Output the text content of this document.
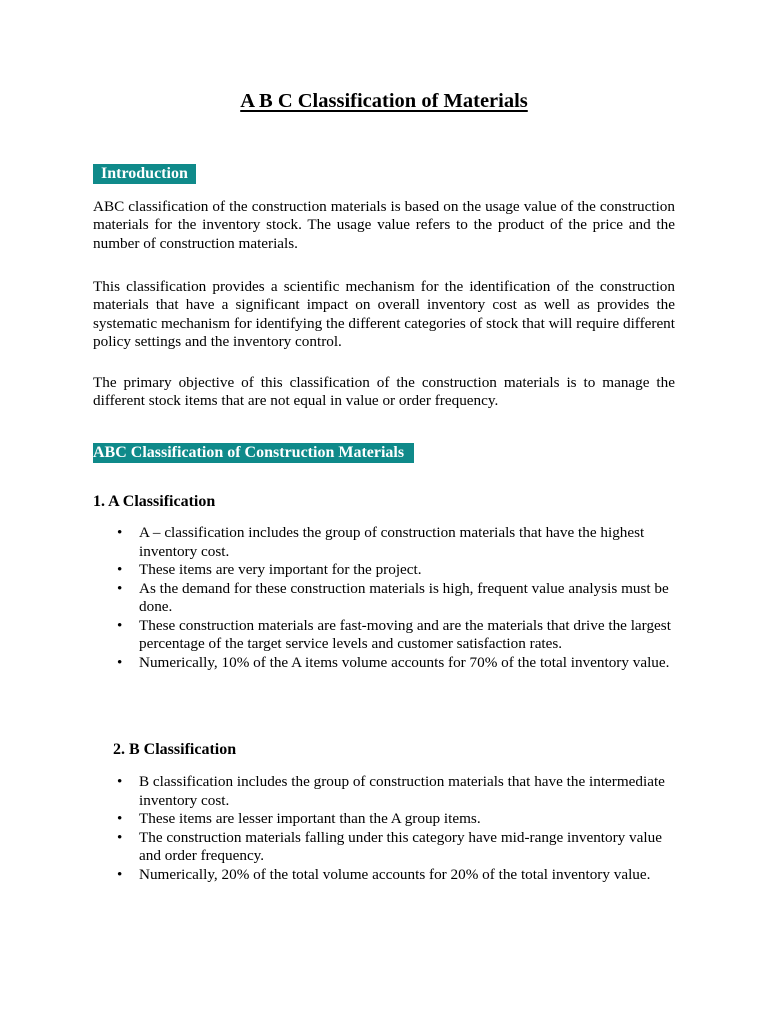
A B C Classification of Materials
Introduction

ABC classification of the construction materials is based on the usage value of the construction materials for the inventory stock. The usage value refers to the product of the price and the number of construction materials.

This classification provides a scientific mechanism for the identification of the construction materials that have a significant impact on overall inventory cost as well as provides the systematic mechanism for identifying the different categories of stock that will require different policy settings and the inventory control.

The primary objective of this classification of the construction materials is to manage the different stock items that are not equal in value or order frequency.

ABC Classification of Construction Materials
1. A Classification
•	A – classification includes the group of construction materials that have the highest inventory cost.
•	These items are very important for the project.
•	As the demand for these construction materials is high, frequent value analysis must be done.
•	These construction materials are fast-moving and are the materials that drive the largest percentage of the target service levels and customer satisfaction rates.
•	Numerically, 10% of the A items volume accounts for 70% of the total inventory value.
2. B Classification
•	B classification includes the group of construction materials that have the intermediate inventory cost.
•	These items are lesser important than the A group items.
•	The construction materials falling under this category have mid-range inventory value and order frequency.
•	Numerically, 20% of the total volume accounts for 20% of the total inventory value.
